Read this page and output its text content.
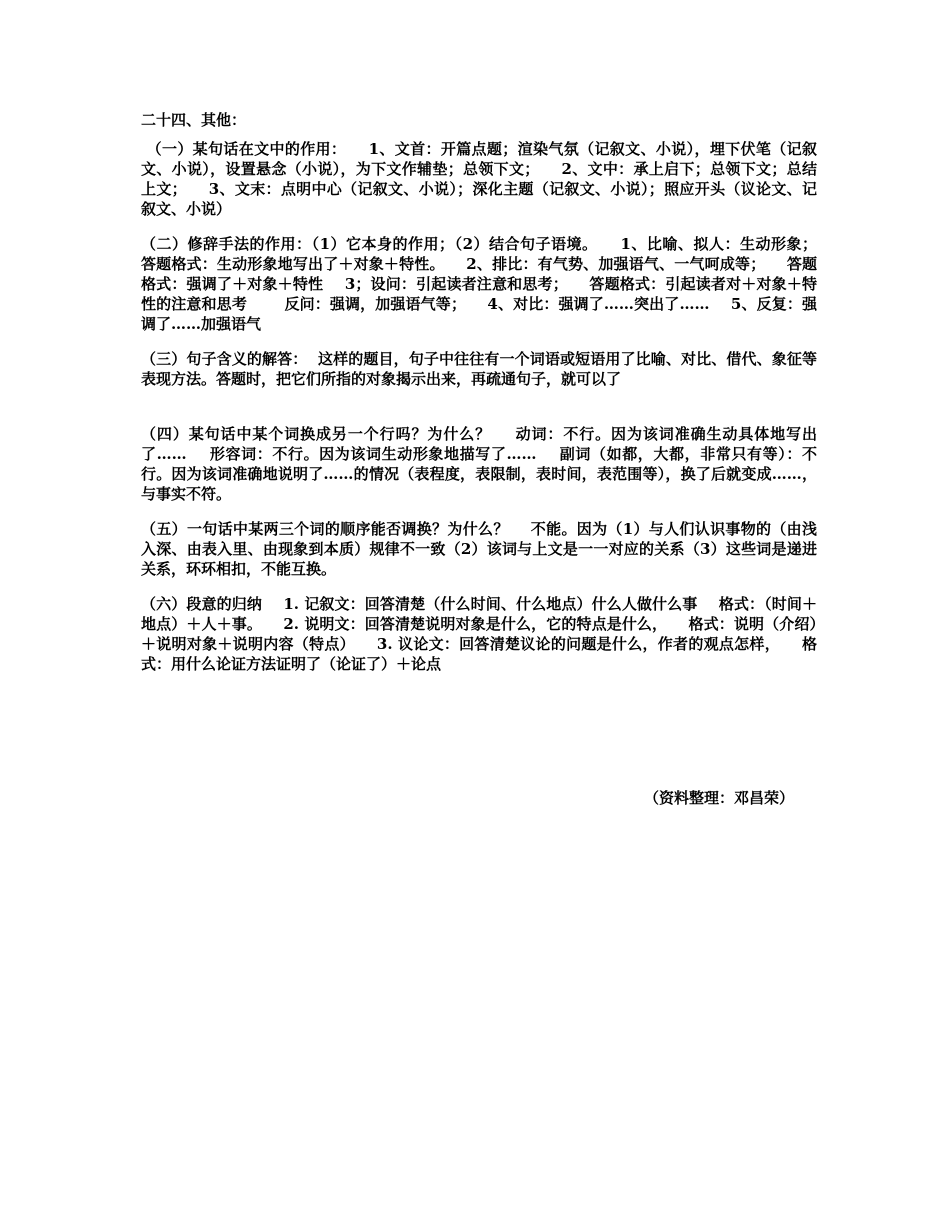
二十四、其他：

（一）某句话在文中的作用：    1、文首：开篇点题；渲染气氛（记叙文、小说），埋下伏笔（记叙文、小说），设置悬念（小说），为下文作辅垫；总领下文；    2、文中：承上启下；总领下文；总结上文；    3、文末：点明中心（记叙文、小说）；深化主题（记叙文、小说）；照应开头（议论文、记叙文、小说）

（二）修辞手法的作用：（1）它本身的作用；（2）结合句子语境。    1、比喻、拟人：生动形象；    答题格式：生动形象地写出了＋对象＋特性。    2、排比：有气势、加强语气、一气呵成等；    答题格式：强调了＋对象＋特性    3；设问：引起读者注意和思考；    答题格式：引起读者对＋对象＋特性的注意和思考       反问：强调，加强语气等；    4、对比：强调了……突出了……    5、反复：强调了……加强语气

（三）句子含义的解答：  这样的题目，句子中往往有一个词语或短语用了比喻、对比、借代、象征等表现方法。答题时，把它们所指的对象揭示出来，再疏通句子，就可以了

（四）某句话中某个词换成另一个行吗？为什么？    动词：不行。因为该词准确生动具体地写出了……    形容词：不行。因为该词生动形象地描写了……    副词（如都，大都，非常只有等）：不行。因为该词准确地说明了……的情况（表程度，表限制，表时间，表范围等），换了后就变成……，与事实不符。

（五）一句话中某两三个词的顺序能否调换？为什么？    不能。因为（1）与人们认识事物的（由浅入深、由表入里、由现象到本质）规律不一致（2）该词与上文是一一对应的关系（3）这些词是递进关系，环环相扣，不能互换。

（六）段意的归纳    1. 记叙文：回答清楚（什么时间、什么地点）什么人做什么事    格式：（时间＋地点）＋人＋事。    2. 说明文：回答清楚说明对象是什么，它的特点是什么，    格式：说明（介绍）＋说明对象＋说明内容（特点）    3. 议论文：回答清楚议论的问题是什么，作者的观点怎样，    格式：用什么论证方法证明了（论证了）＋论点

（资料整理：邓昌荣）
